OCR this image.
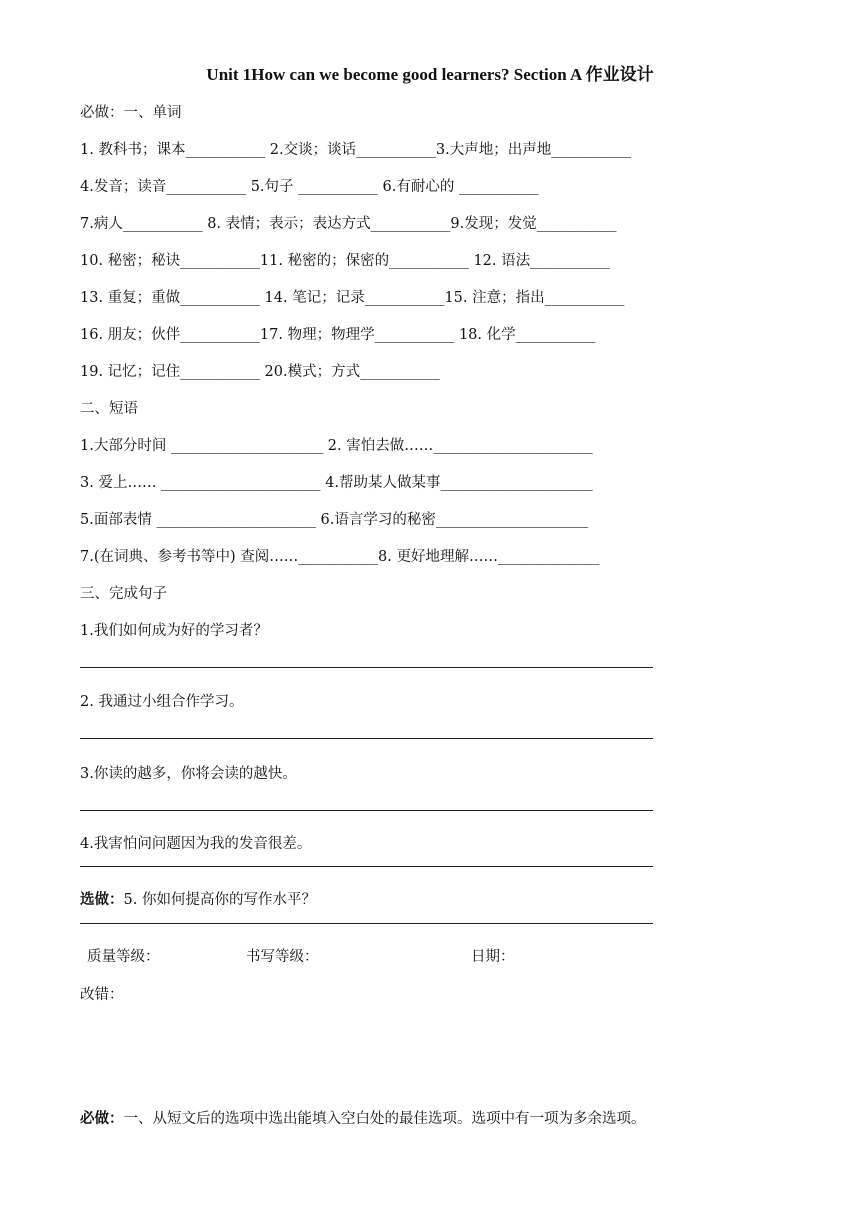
Unit 1How can we become good learners? Section A 作业设计
必做：一、单词
1. 教科书；课本___________ 2.交谈；谈话___________3.大声地；出声地___________
4.发音；读音___________ 5.句子 ___________ 6.有耐心的 ___________
7.病人___________ 8. 表情；表示；表达方式___________9.发现；发觉___________
10. 秘密；秘诀___________11. 秘密的；保密的___________ 12. 语法___________
13. 重复；重做___________ 14. 笔记；记录___________15. 注意；指出___________
16. 朋友；伙伴___________17. 物理；物理学___________ 18. 化学___________
19. 记忆；记住___________ 20.模式；方式___________
二、短语
1.大部分时间 _____________________ 2. 害怕去做……______________________
3. 爱上…… ______________________ 4.帮助某人做某事_____________________
5.面部表情 ______________________ 6.语言学习的秘密_____________________
7.(在词典、参考书等中) 查阅……___________8. 更好地理解……______________
三、完成句子
1.我们如何成为好的学习者？
2. 我通过小组合作学习。
3.你读的越多，你将会读的越快。
4.我害怕问问题因为我的发音很差。
选做：5. 你如何提高你的写作水平？
质量等级：	书写等级：	日期：
改错：
必做：一、从短文后的选项中选出能填入空白处的最佳选项。选项中有一项为多余选项。
